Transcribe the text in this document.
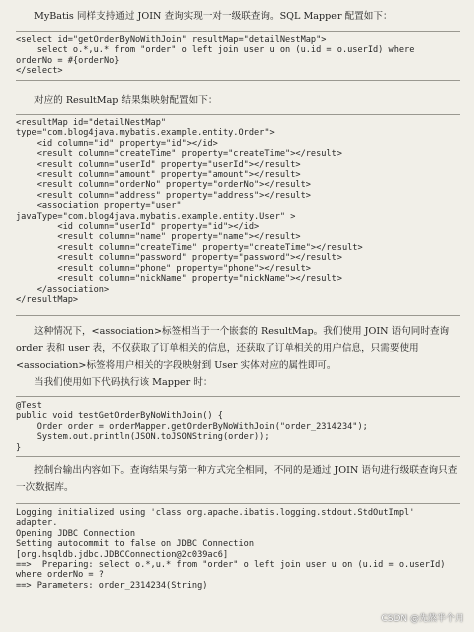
MyBatis 同样支持通过 JOIN 查询实现一对一级联查询。SQL Mapper 配置如下：

<select id="getOrderByNoWithJoin" resultMap="detailNestMap">
select o.*,u.* from "order" o left join user u on (u.id = o.userId) where
orderNo = #{orderNo}
</select>

对应的 ResultMap 结果集映射配置如下：

<resultMap id="detailNestMap"
type="com.blog4java.mybatis.example.entity.Order">
<id column="id" property="id"></id>
<result column="createTime" property="createTime"></result>
<result column="userId" property="userId"></result>
<result column="amount" property="amount"></result>
<result column="orderNo" property="orderNo"></result>
<result column="address" property="address"></result>
<association property="user"
javaType="com.blog4java.mybatis.example.entity.User" >
<id column="userId" property="id"></id>
<result column="name" property="name"></result>
<result column="createTime" property="createTime"></result>
<result column="password" property="password"></result>
<result column="phone" property="phone"></result>
<result column="nickName" property="nickName"></result>
</association>
</resultMap>

这种情况下，<association>标签相当于一个嵌套的 ResultMap。我们使用 JOIN 语句同时查询 order 表和 user 表，不仅获取了订单相关的信息，还获取了订单相关的用户信息，只需要使用<association>标签将用户相关的字段映射到 User 实体对应的属性即可。

当我们使用如下代码执行该 Mapper 时：

@Test
public void testGetOrderByNoWithJoin() {
Order order = orderMapper.getOrderByNoWithJoin("order_2314234");
System.out.println(JSON.toJSONString(order));
}

控制台输出内容如下。查询结果与第一种方式完全相同，不同的是通过 JOIN 语句进行级联查询只查一次数据库。

Logging initialized using 'class org.apache.ibatis.logging.stdout.StdOutImpl'
adapter.
Opening JDBC Connection
Setting autocommit to false on JDBC Connection
[org.hsqldb.jdbc.JDBCConnection@2c039ac6]
==>  Preparing: select o.*,u.* from "order" o left join user u on (u.id = o.userId)
where orderNo = ?
==> Parameters: order_2314234(String)
CSDN @先熬半个月
